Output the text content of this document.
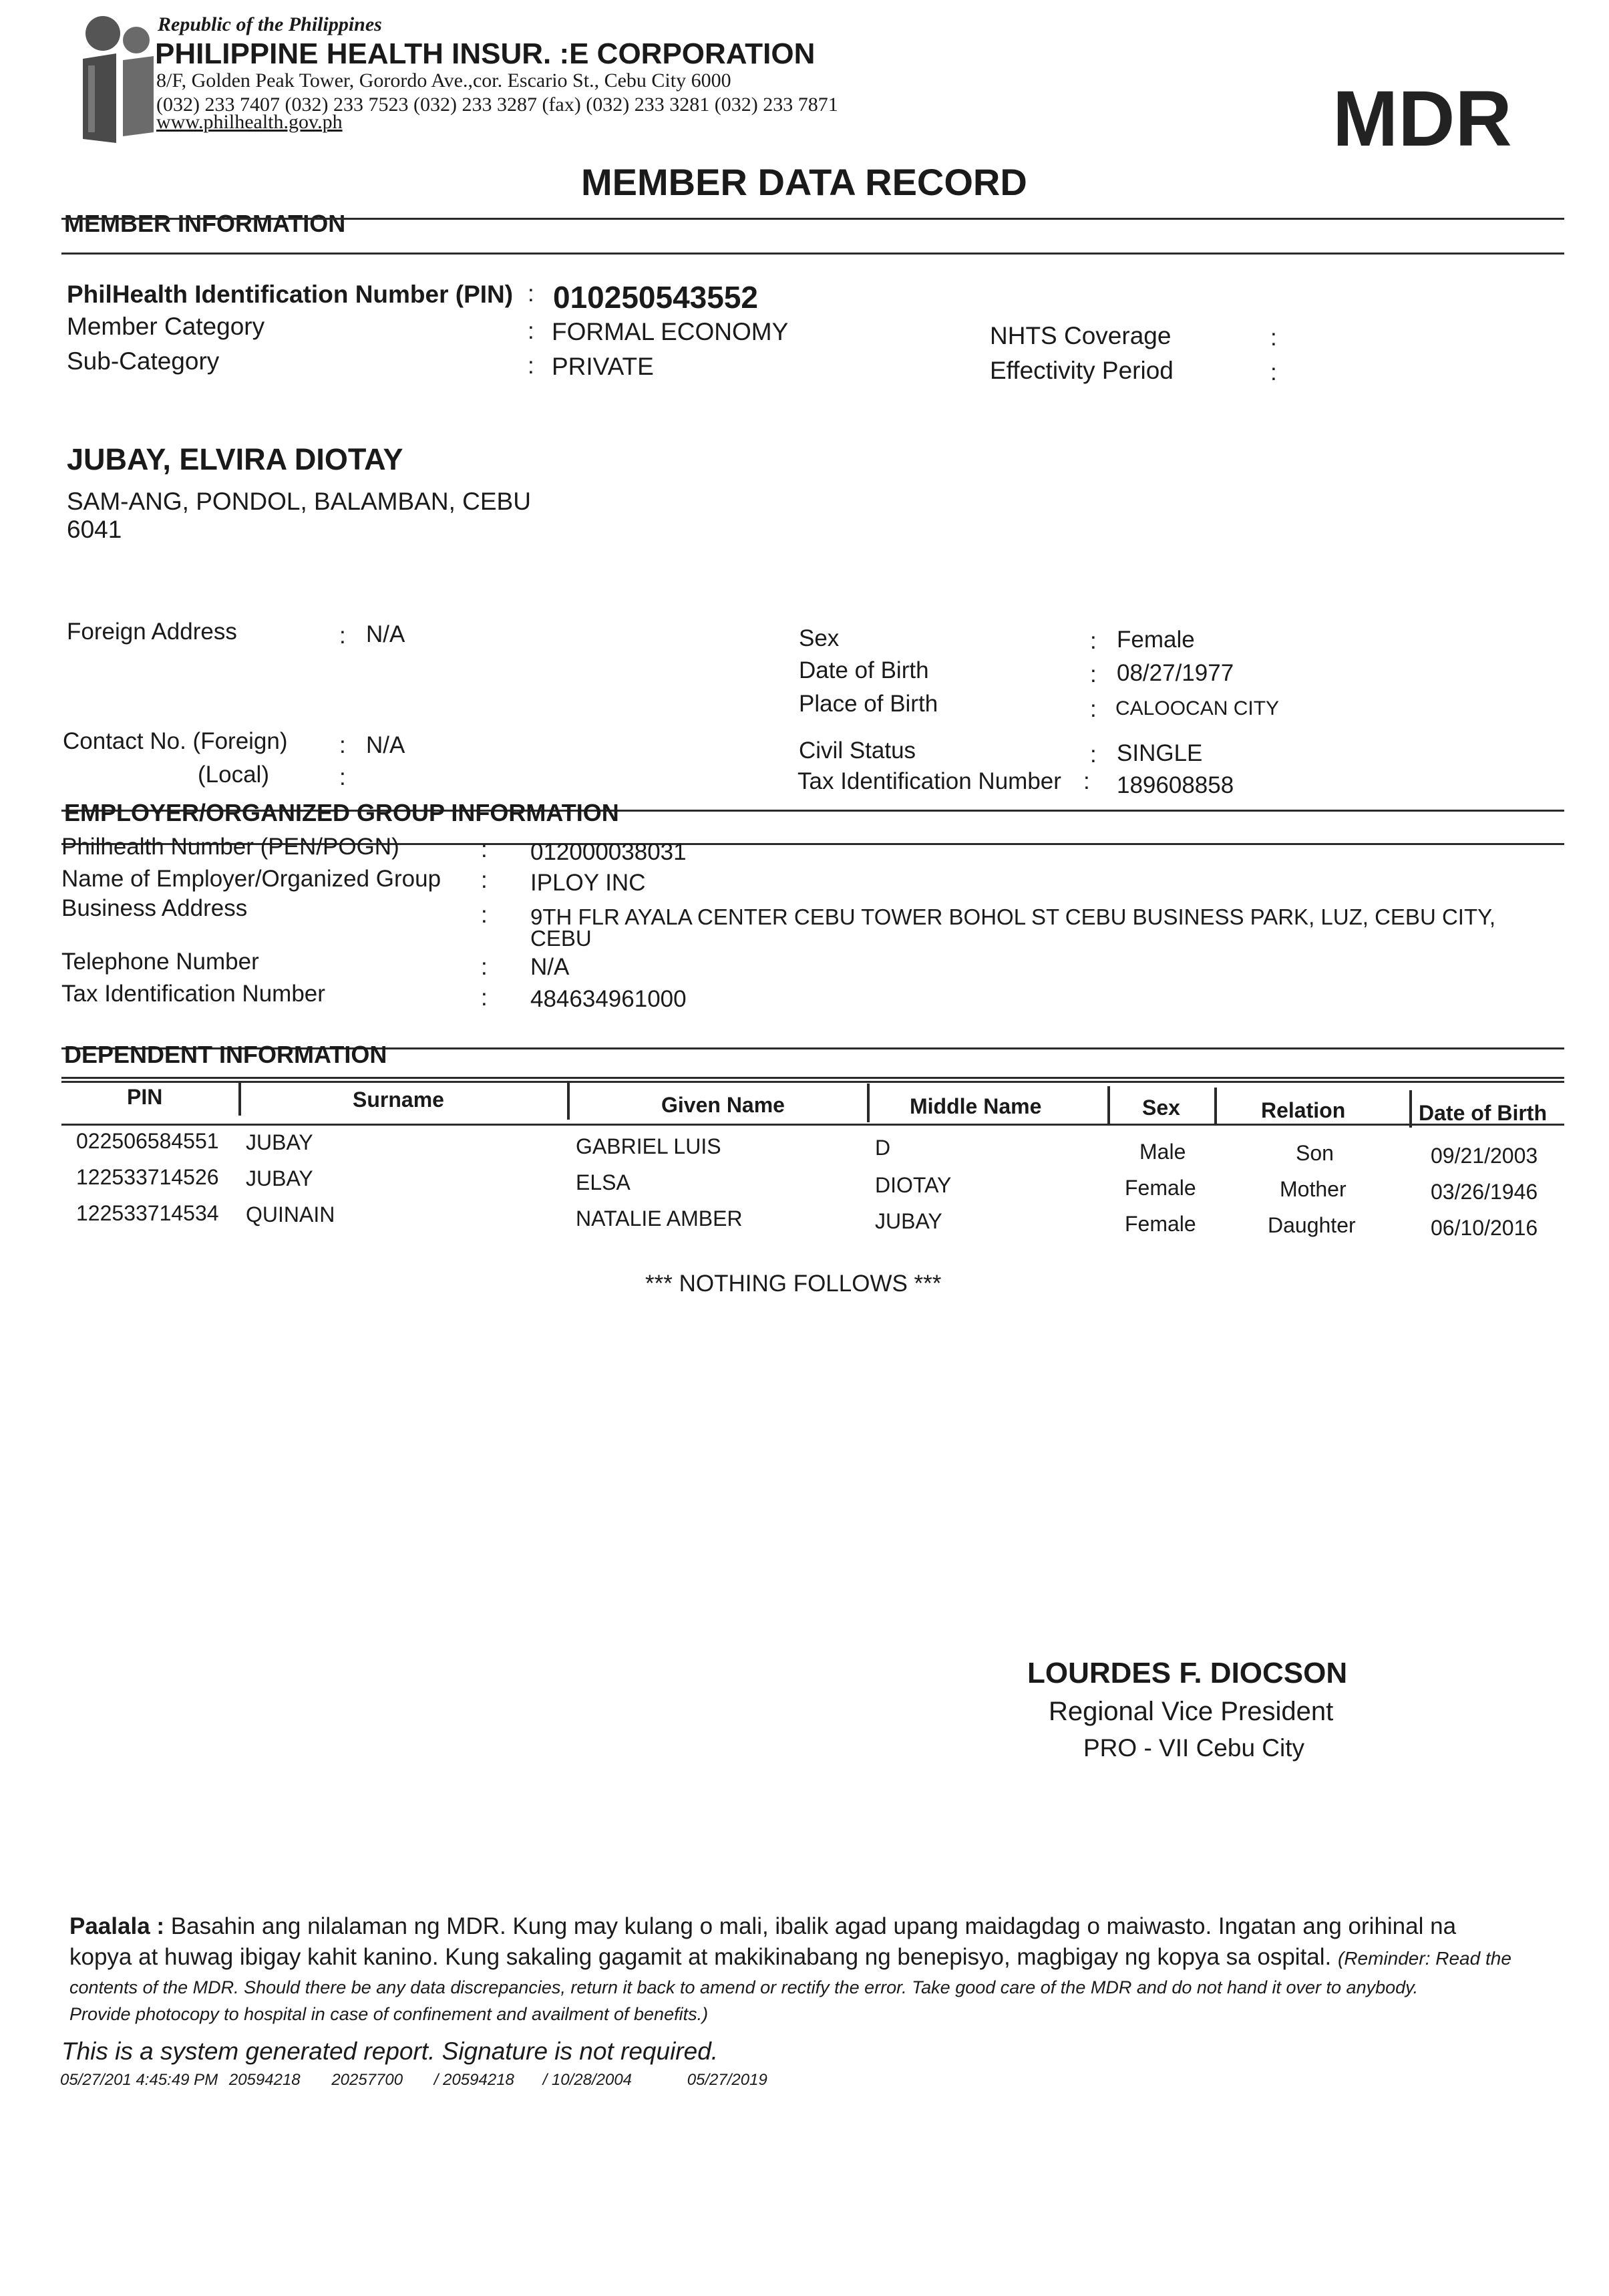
Republic of the Philippines
PHILIPPINE HEALTH INSUR. :E CORPORATION
8/F, Golden Peak Tower, Gorordo Ave.,cor. Escario St., Cebu City 6000
(032) 233 7407 (032) 233 7523 (032) 233 3287 (fax) (032) 233 3281 (032) 233 7871
www.philhealth.gov.ph	MDR
MEMBER DATA RECORD
MEMBER INFORMATION
PhilHealth Identification Number (PIN) : 010250543552
Member Category	: FORMAL ECONOMY
Sub-Category	: PRIVATE
NHTS Coverage	:
Effectivity Period	:
JUBAY, ELVIRA DIOTAY
SAM-ANG, PONDOL, BALAMBAN, CEBU
6041
Foreign Address	: N/A
Contact No. (Foreign) : N/A
(Local)	:
Sex	: Female
Date of Birth	: 08/27/1977
Place of Birth	: CALOOCAN CITY
Civil Status	: SINGLE
Tax Identification Number : 189608858
EMPLOYER/ORGANIZED GROUP INFORMATION
Philhealth Number (PEN/POGN)	: 012000038031
Name of Employer/Organized Group : IPLOY INC
Business Address	: 9TH FLR AYALA CENTER CEBU TOWER BOHOL ST CEBU BUSINESS PARK, LUZ, CEBU CITY,
CEBU
Telephone Number	: N/A
Tax Identification Number	: 484634961000
DEPENDENT INFORMATION
PIN	Surname	Given Name	Middle Name	Sex	Relation	Date of Birth
022506584551 JUBAY	GABRIEL LUIS	D	Male	Son	09/21/2003
122533714526 JUBAY	ELSA	DIOTAY	Female	Mother	03/26/1946
122533714534 QUINAIN	NATALIE AMBER	JUBAY	Female	Daughter	06/10/2016
*** NOTHING FOLLOWS ***
LOURDES F. DIOCSON
Regional Vice President
PRO - VII Cebu City
Paalala : Basahin ang nilalaman ng MDR. Kung may kulang o mali, ibalik agad upang maidagdag o maiwasto. Ingatan ang orihinal na
kopya at huwag ibigay kahit kanino. Kung sakaling gagamit at makikinabang ng benepisyo, magbigay ng kopya sa ospital. (Reminder: Read the
contents of the MDR. Should there be any data discrepancies, return it back to amend or rectify the error. Take good care of the MDR and do not hand it over to anybody.
Provide photocopy to hospital in case of confinement and availment of benefits.)
This is a system generated report. Signature is not required.
05/27/201 4:45:49 PM 20594218 20257700 / 20594218 / 10/28/2004	05/27/2019
